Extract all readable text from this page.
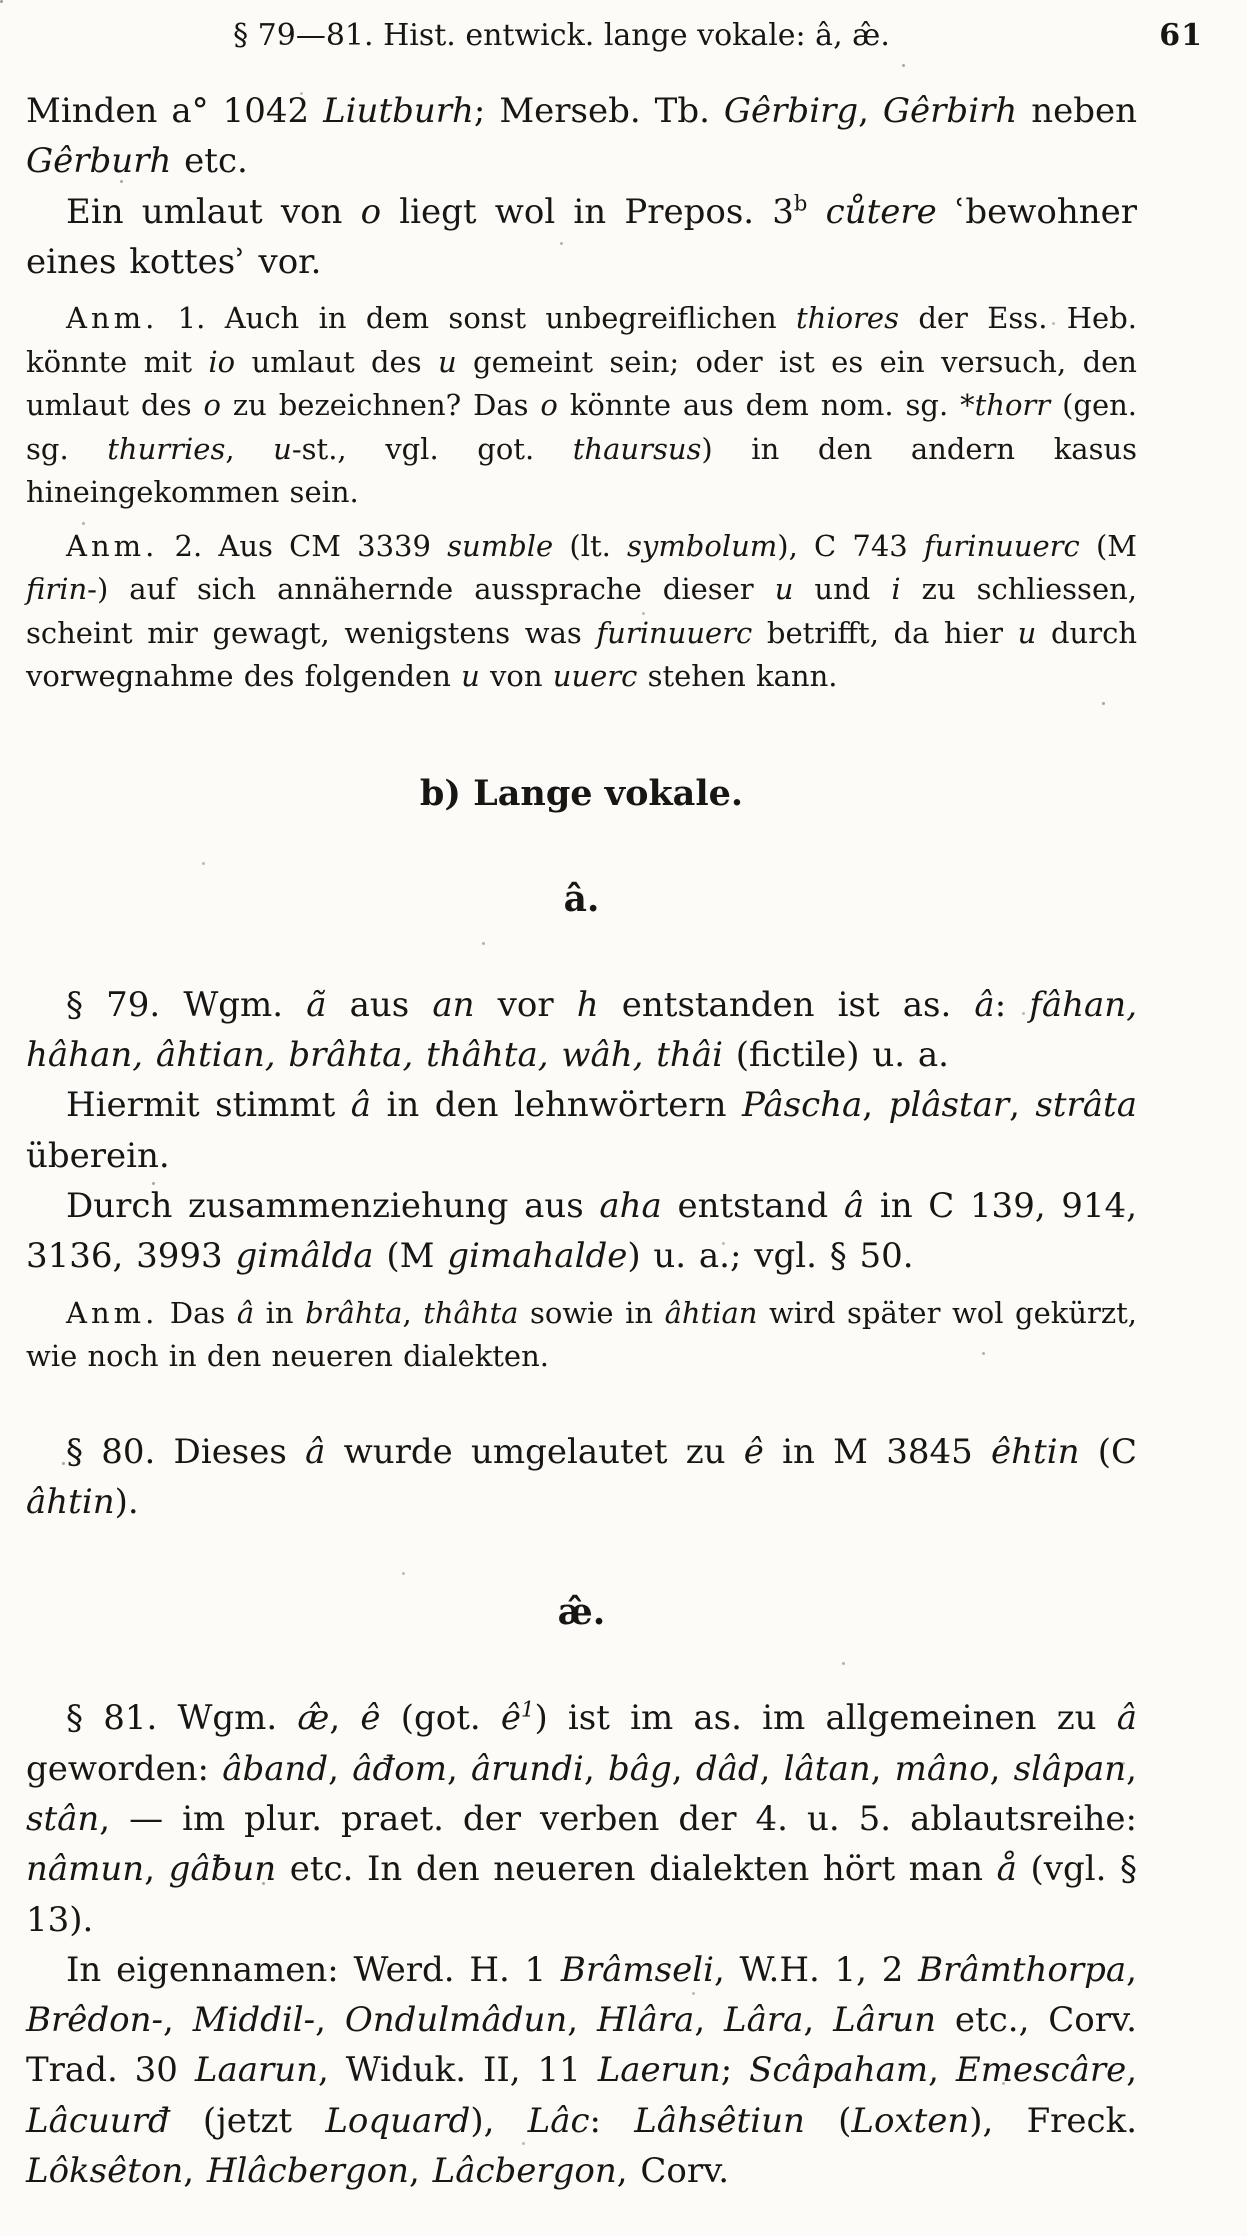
§ 79—81. Hist. entwick. lange vokale: â, æ̂.	61

Minden a° 1042 Liutburh; Merseb. Tb. Gêrbirg, Gêrbirh neben Gêrburh etc.

Ein umlaut von o liegt wol in Prepos. 3$^b$ cůtere ʿbewohner eines kottesʾ vor.

Anm. 1. Auch in dem sonst unbegreiflichen thiores der Ess. Heb. könnte mit io umlaut des u gemeint sein; oder ist es ein versuch, den umlaut des o zu bezeichnen? Das o könnte aus dem nom. sg. *thorr (gen. sg. thurries, u-st., vgl. got. thaursus) in den andern kasus hineingekommen sein.

Anm. 2. Aus CM 3339 sumble (lt. symbolum), C 743 furinuuerc (M firin-) auf sich annähernde aussprache dieser u und i zu schliessen, scheint mir gewagt, wenigstens was furinuuerc betrifft, da hier u durch vorwegnahme des folgenden u von uuerc stehen kann.

b) Lange vokale.

â.

§ 79. Wgm. ã aus an vor h entstanden ist as. â: fâhan, hâhan, âhtian, brâhta, thâhta, wâh, thâi (fictile) u. a.

Hiermit stimmt â in den lehnwörtern Pâscha, plâstar, strâta überein.

Durch zusammenziehung aus aha entstand â in C 139, 914, 3136, 3993 gimâlda (M gimahalde) u. a.; vgl. § 50.

Anm. Das â in brâhta, thâhta sowie in âhtian wird später wol gekürzt, wie noch in den neueren dialekten.

§ 80. Dieses â wurde umgelautet zu ê in M 3845 êhtin (C âhtin).

æ̂.

§ 81. Wgm. æ̂, ê (got. $ê^1$) ist im as. im allgemeinen zu â geworden: âband, âđom, ârundi, bâg, dâd, lâtan, mâno, slâpan, stân, — im plur. praet. der verben der 4. u. 5. ablautsreihe: nâmun, gâƀun etc. In den neueren dialekten hört man å (vgl. § 13).

In eigennamen: Werd. H. 1 Brâmseli, W.H. 1, 2 Brâmthorpa, Brêdon-, Middil-, Ondulmâdun, Hlâra, Lâra, Lârun etc., Corv. Trad. 30 Laarun, Widuk. II, 11 Laerun; Scâpaham, Emescâre, Lâcuurđ (jetzt Loquard), Lâc: Lâhsêtiun (Loxten), Freck. Lôksêton, Hlâcbergon, Lâcbergon, Corv.
